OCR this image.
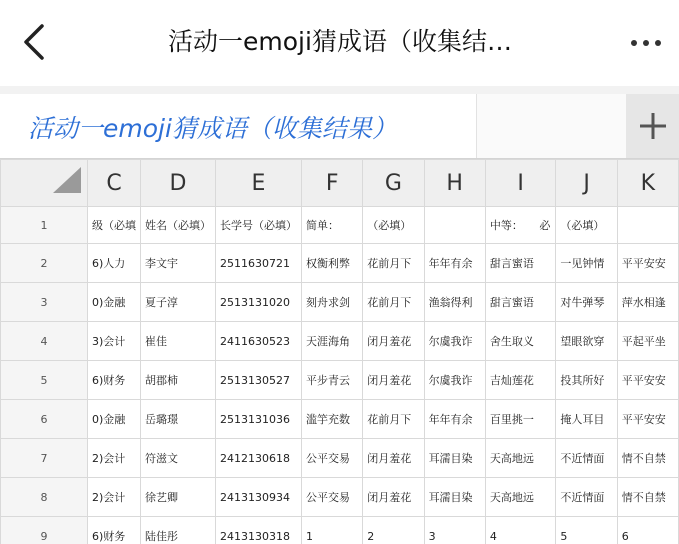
活动一emoji猜成语（收集结…
活动一emoji猜成语（收集结果）
	C	D	E	F	G	H	I	J	K
1	级（必填	姓名（必填）	长学号（必填）	简单：	（必填）		中等：　　必	（必填）	
2	6)人力	李文宇	2511630721	权衡利弊	花前月下	年年有余	甜言蜜语	一见钟情	平平安安
3	0)金融	夏子淳	2513131020	刻舟求剑	花前月下	渔翁得利	甜言蜜语	对牛弹琴	萍水相逢
4	3)会计	崔佳	2411630523	天涯海角	闭月羞花	尔虞我诈	舍生取义	望眼欲穿	平起平坐
5	6)财务	胡郡柿	2513130527	平步青云	闭月羞花	尔虞我诈	吉灿莲花	投其所好	平平安安
6	0)金融	岳璐璟	2513131036	滥竽充数	花前月下	年年有余	百里挑一	掩人耳目	平平安安
7	2)会计	符滋文	2412130618	公平交易	闭月羞花	耳濡目染	天高地远	不近情面	情不自禁
8	2)会计	徐艺卿	2413130934	公平交易	闭月羞花	耳濡目染	天高地远	不近情面	情不自禁
9	6)财务	陆佳彤	2413130318	1	2	3	4	5	6
